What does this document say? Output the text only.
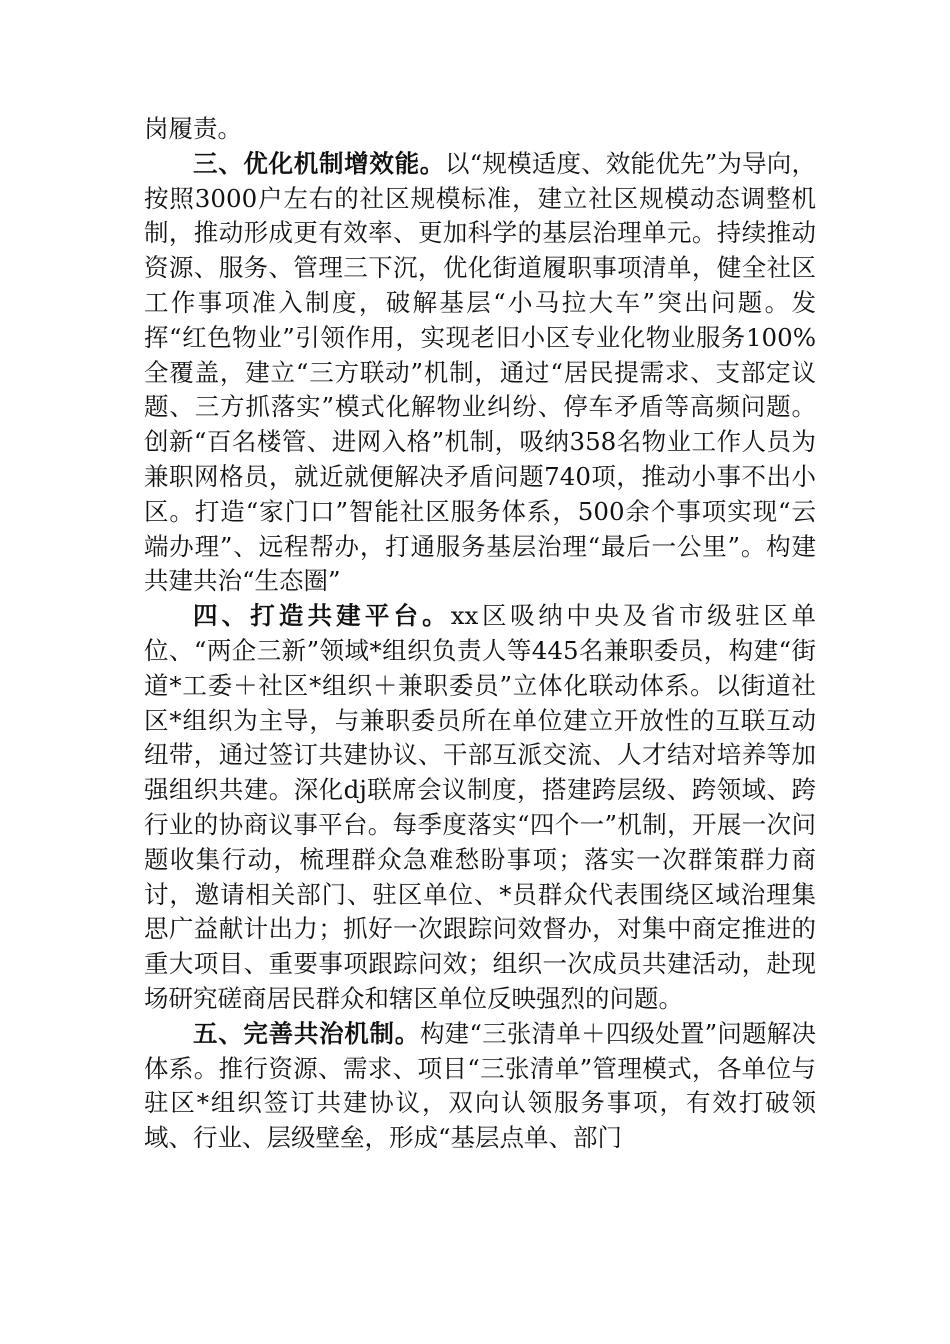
岗履责。

三、优化机制增效能。以“规模适度、效能优先”为导向，按照3000户左右的社区规模标准，建立社区规模动态调整机制，推动形成更有效率、更加科学的基层治理单元。持续推动资源、服务、管理三下沉，优化街道履职事项清单，健全社区工作事项准入制度，破解基层“小马拉大车”突出问题。发挥“红色物业”引领作用，实现老旧小区专业化物业服务100%全覆盖，建立“三方联动”机制，通过“居民提需求、支部定议题、三方抓落实”模式化解物业纠纷、停车矛盾等高频问题。创新“百名楼管、进网入格”机制，吸纳358名物业工作人员为兼职网格员，就近就便解决矛盾问题740项，推动小事不出小区。打造“家门口”智能社区服务体系，500余个事项实现“云端办理”、远程帮办，打通服务基层治理“最后一公里”。构建共建共治“生态圈”

四、打造共建平台。xx区吸纳中央及省市级驻区单位、“两企三新”领域*组织负责人等445名兼职委员，构建“街道*工委＋社区*组织＋兼职委员”立体化联动体系。以街道社区*组织为主导，与兼职委员所在单位建立开放性的互联互动纽带，通过签订共建协议、干部互派交流、人才结对培养等加强组织共建。深化dj联席会议制度，搭建跨层级、跨领域、跨行业的协商议事平台。每季度落实“四个一”机制，开展一次问题收集行动，梳理群众急难愁盼事项；落实一次群策群力商讨，邀请相关部门、驻区单位、*员群众代表围绕区域治理集思广益献计出力；抓好一次跟踪问效督办，对集中商定推进的重大项目、重要事项跟踪问效；组织一次成员共建活动，赴现场研究磋商居民群众和辖区单位反映强烈的问题。

五、完善共治机制。构建“三张清单＋四级处置”问题解决体系。推行资源、需求、项目“三张清单”管理模式，各单位与驻区*组织签订共建协议，双向认领服务事项，有效打破领域、行业、层级壁垒，形成“基层点单、部门
